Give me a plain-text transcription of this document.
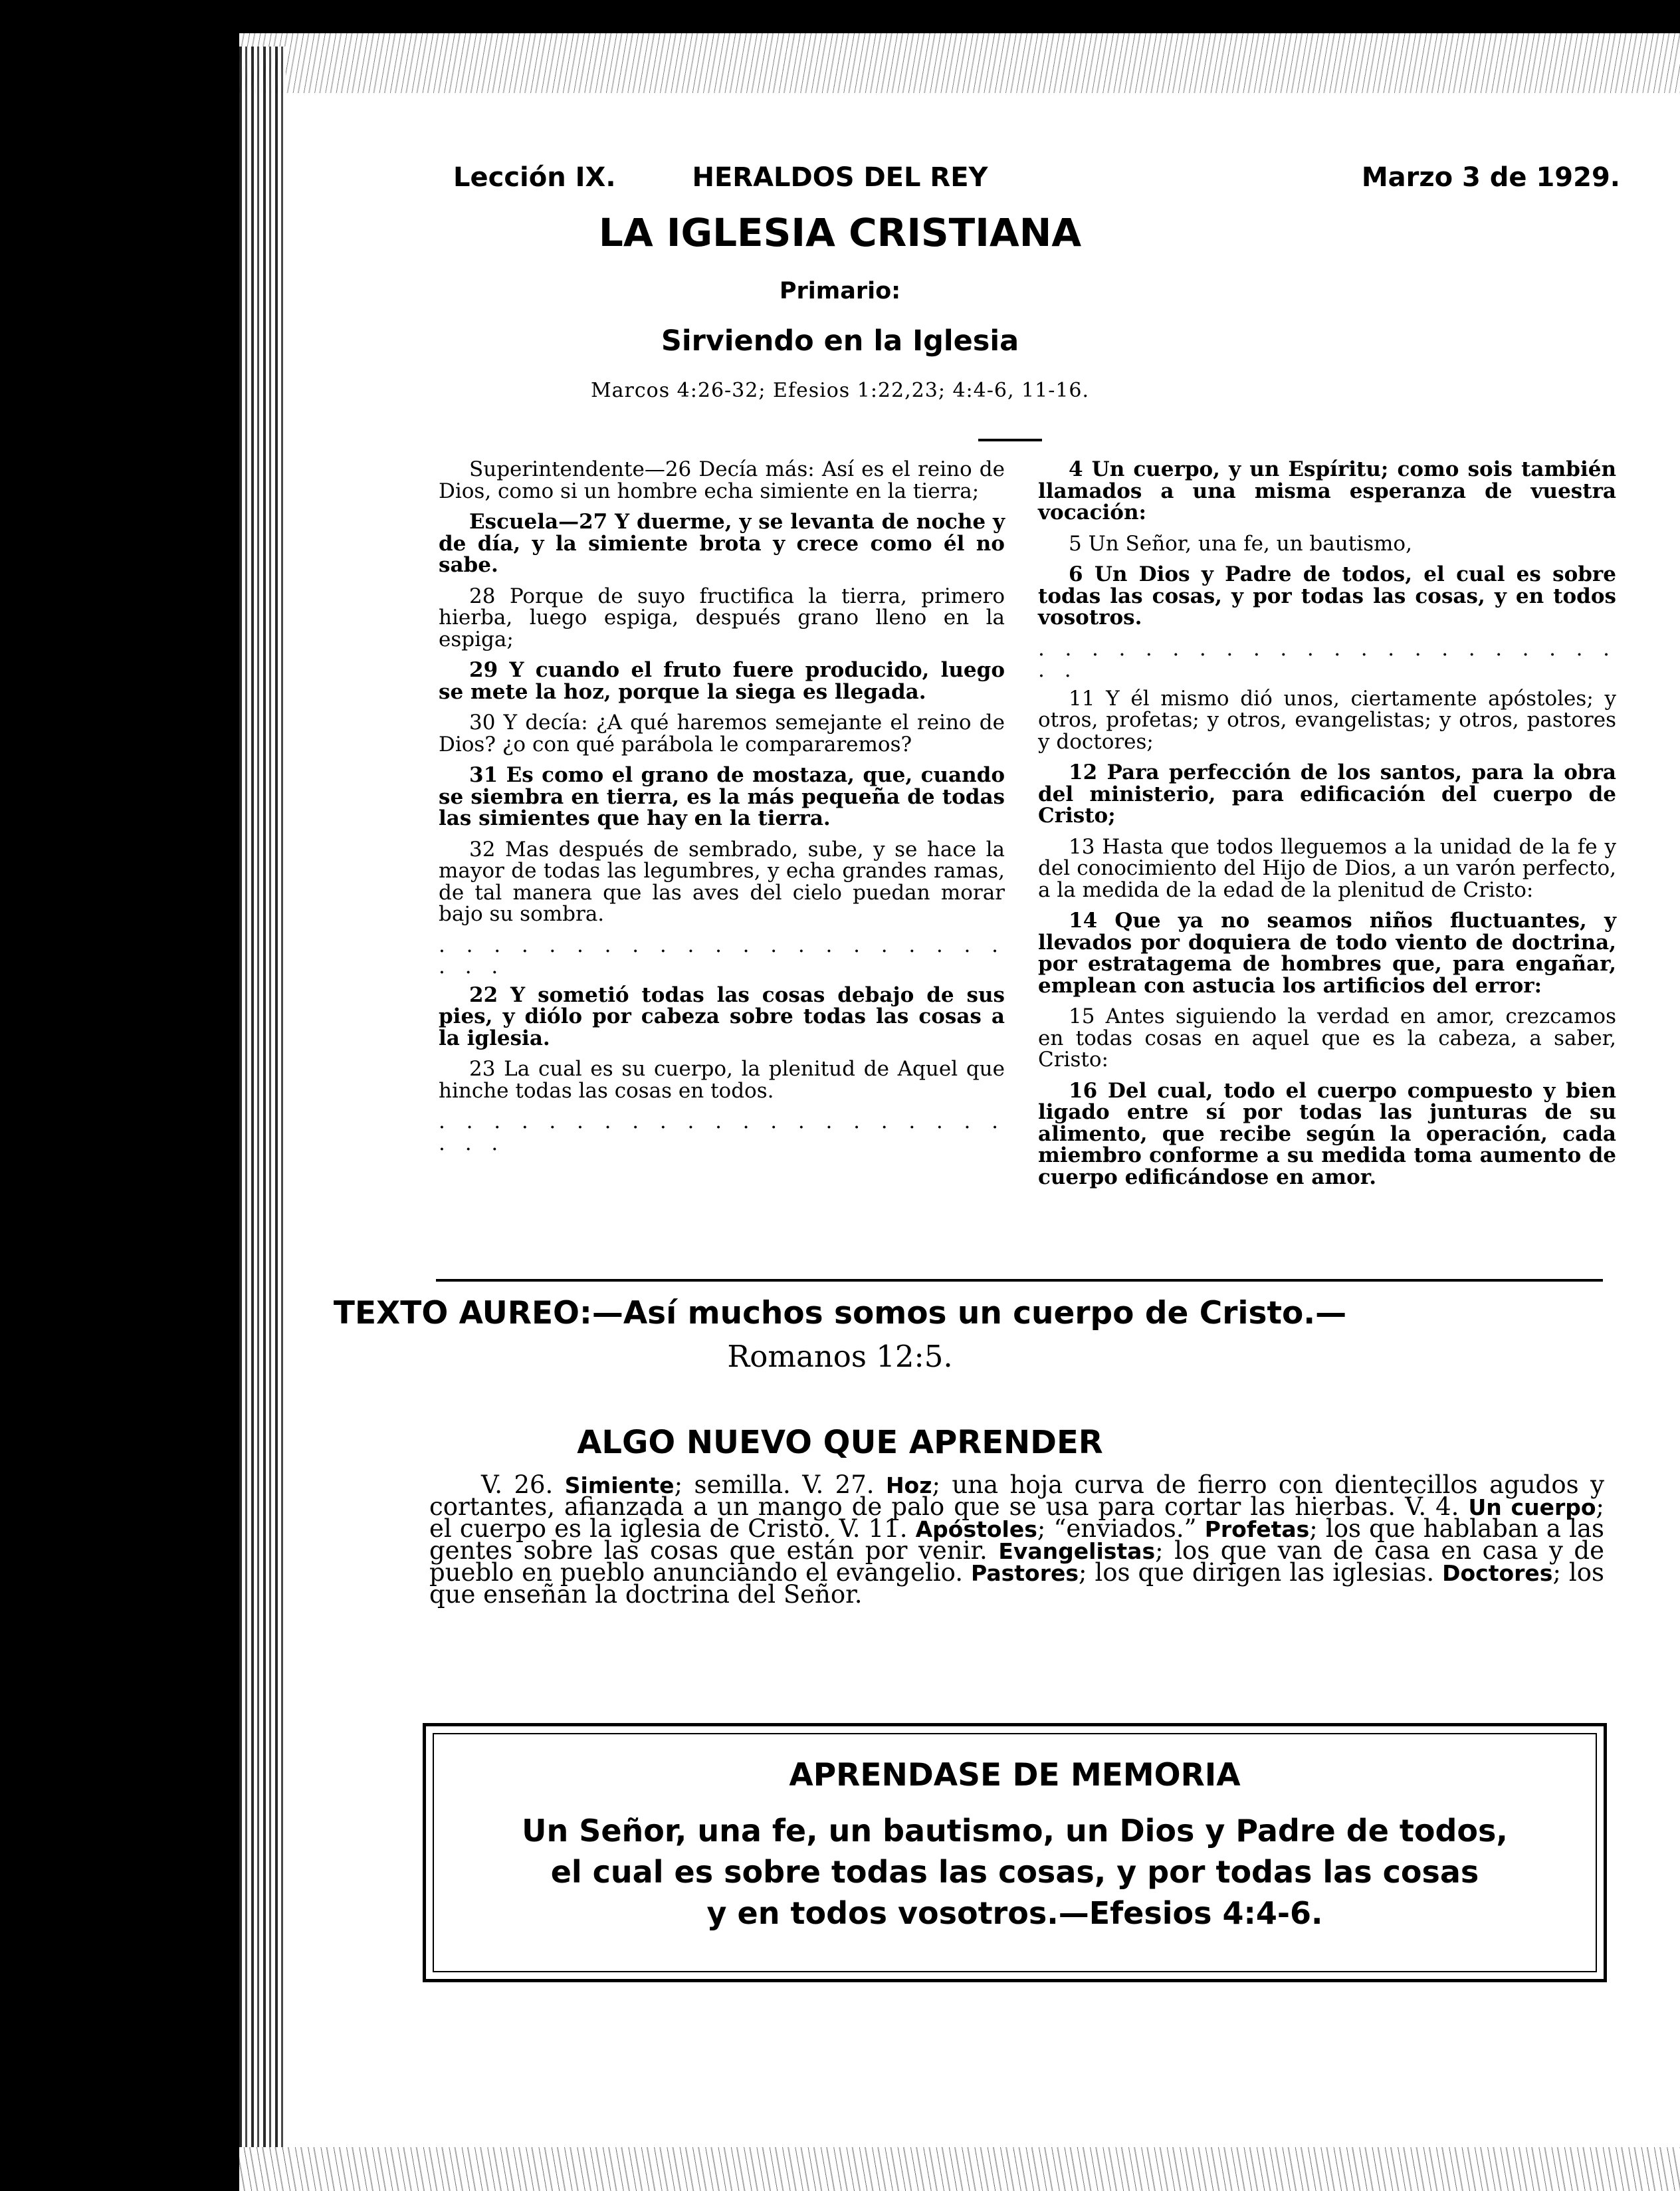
Lección IX.	HERALDOS DEL REY	Marzo 3 de 1929.
LA IGLESIA CRISTIANA
Primario:
Sirviendo en la Iglesia
Marcos 4:26-32; Efesios 1:22,23; 4:4-6, 11-16.

Superintendente—26 Decía más: Así es el reino de Dios, como si un hombre echa simiente en la tierra;

Escuela—27 Y duerme, y se levanta de noche y de día, y la simiente brota y crece como él no sabe.

28 Porque de suyo fructifica la tierra, primero hierba, luego espiga, después grano lleno en la espiga;

29 Y cuando el fruto fuere producido, luego se mete la hoz, porque la siega es llegada.

30 Y decía: ¿A qué haremos semejante el reino de Dios? ¿o con qué parábola le compararemos?

31 Es como el grano de mostaza, que, cuando se siembra en tierra, es la más pequeña de todas las simientes que hay en la tierra.

32 Mas después de sembrado, sube, y se hace la mayor de todas las legumbres, y echa grandes ramas, de tal manera que las aves del cielo puedan morar bajo su sombra.

. . . . . . . . . . . . . . . . . . . . . . . .

22 Y sometió todas las cosas debajo de sus pies, y diólo por cabeza sobre todas las cosas a la iglesia.

23 La cual es su cuerpo, la plenitud de Aquel que hinche todas las cosas en todos.

. . . . . . . . . . . . . . . . . . . . . . . .

4 Un cuerpo, y un Espíritu; como sois también llamados a una misma esperanza de vuestra vocación:

5 Un Señor, una fe, un bautismo,

6 Un Dios y Padre de todos, el cual es sobre todas las cosas, y por todas las cosas, y en todos vosotros.

. . . . . . . . . . . . . . . . . . . . . . . .

11 Y él mismo dió unos, ciertamente apóstoles; y otros, profetas; y otros, evangelistas; y otros, pastores y doctores;

12 Para perfección de los santos, para la obra del ministerio, para edificación del cuerpo de Cristo;

13 Hasta que todos lleguemos a la unidad de la fe y del conocimiento del Hijo de Dios, a un varón perfecto, a la medida de la edad de la plenitud de Cristo:

14 Que ya no seamos niños fluctuantes, y llevados por doquiera de todo viento de doctrina, por estratagema de hombres que, para engañar, emplean con astucia los artificios del error:

15 Antes siguiendo la verdad en amor, crezcamos en todas cosas en aquel que es la cabeza, a saber, Cristo:

16 Del cual, todo el cuerpo compuesto y bien ligado entre sí por todas las junturas de su alimento, que recibe según la operación, cada miembro conforme a su medida toma aumento de cuerpo edificándose en amor.

TEXTO AUREO:—Así muchos somos un cuerpo de Cristo.—
Romanos 12:5.
ALGO NUEVO QUE APRENDER

V. 26. Simiente; semilla. V. 27. Hoz; una hoja curva de fierro con dientecillos agudos y cortantes, afianzada a un mango de palo que se usa para cortar las hierbas. V. 4. Un cuerpo; el cuerpo es la iglesia de Cristo. V. 11. Apóstoles; “enviados.” Profetas; los que hablaban a las gentes sobre las cosas que están por venir. Evangelistas; los que van de casa en casa y de pueblo en pueblo anunciando el evangelio. Pastores; los que dirigen las iglesias. Doctores; los que enseñan la doctrina del Señor.

APRENDASE DE MEMORIA
Un Señor, una fe, un bautismo, un Dios y Padre de todos,
el cual es sobre todas las cosas, y por todas las cosas
y en todos vosotros.—Efesios 4:4-6.
